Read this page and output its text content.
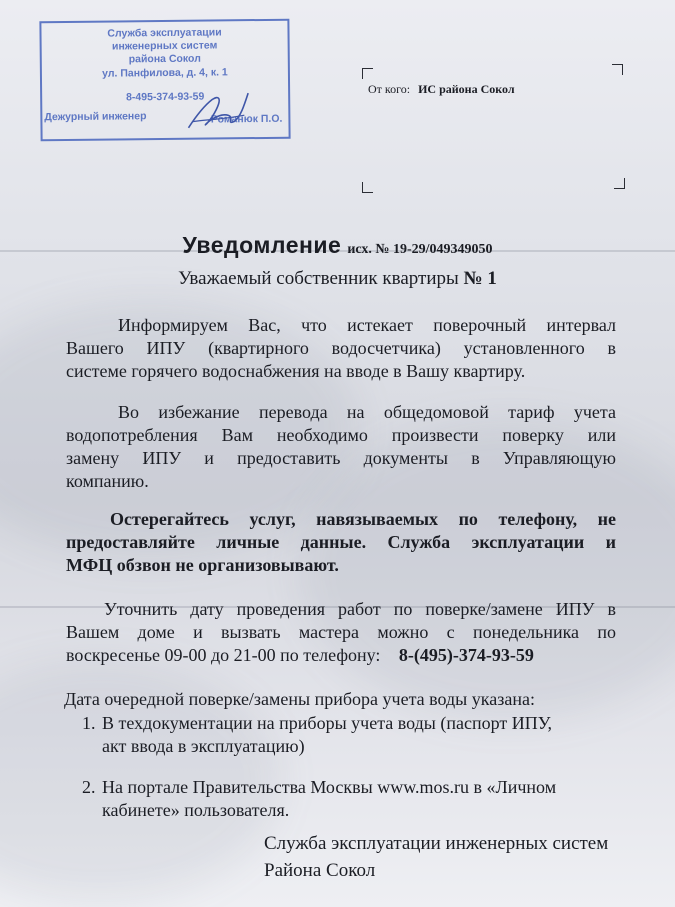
Служба эксплуатации
инженерных систем
района Сокол
ул. Панфилова, д. 4, к. 1
8-495-374-93-59
Дежурный инженер	Романюк П.О.
От кого: ИС района Сокол
Уведомление исх. № 19-29/049349050
Уважаемый собственник квартиры № 1
Информируем Вас, что истекает поверочный интервал
Вашего ИПУ (квартирного водосчетчика) установленного в
системе горячего водоснабжения на вводе в Вашу квартиру.
Во избежание перевода на общедомовой тариф учета
водопотребления Вам необходимо произвести поверку или
замену ИПУ и предоставить документы в Управляющую
компанию.
Остерегайтесь услуг, навязываемых по телефону, не
предоставляйте личные данные. Служба эксплуатации и
МФЦ обзвон не организовывают.
Уточнить дату проведения работ по поверке/замене ИПУ в
Вашем доме и вызвать мастера можно с понедельника по
воскресенье 09-00 до 21-00 по телефону: 8-(495)-374-93-59
Дата очередной поверке/замены прибора учета воды указана:
1. В техдокументации на приборы учета воды (паспорт ИПУ,
акт ввода в эксплуатацию)
2. На портале Правительства Москвы www.mos.ru в «Личном
кабинете» пользователя.
Служба эксплуатации инженерных систем
Района Сокол
